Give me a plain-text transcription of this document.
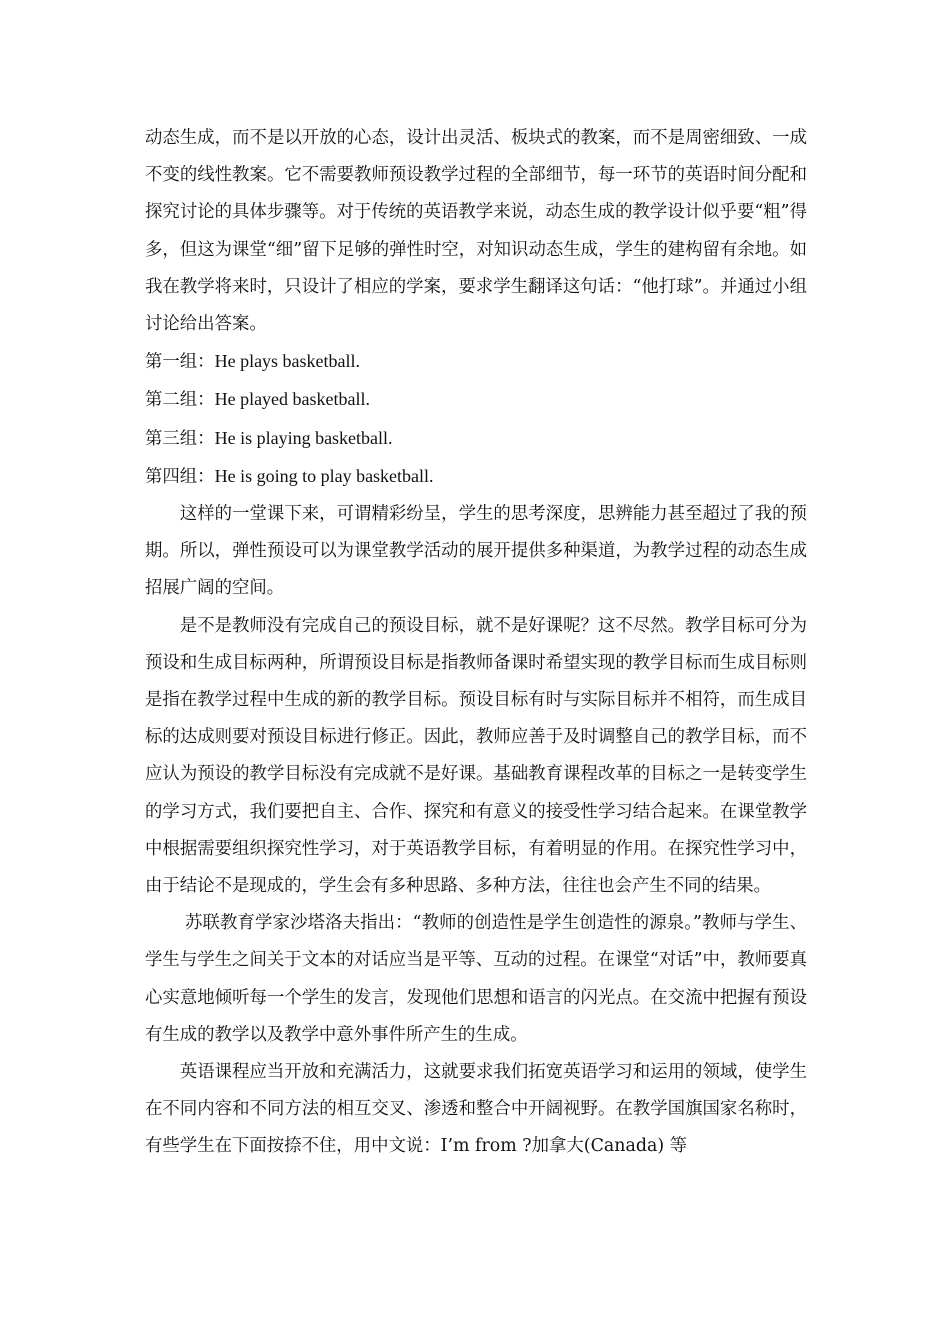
动态生成，而不是以开放的心态，设计出灵活、板块式的教案，而不是周密细致、一成不变的线性教案。它不需要教师预设教学过程的全部细节，每一环节的英语时间分配和探究讨论的具体步骤等。对于传统的英语教学来说，动态生成的教学设计似乎要“粗”得多，但这为课堂“细”留下足够的弹性时空，对知识动态生成，学生的建构留有余地。如我在教学将来时，只设计了相应的学案，要求学生翻译这句话：“他打球”。并通过小组讨论给出答案。

第一组：He plays basketball.

第二组：He played basketball.

第三组：He is playing basketball.

第四组：He is going to play basketball.

这样的一堂课下来，可谓精彩纷呈，学生的思考深度，思辨能力甚至超过了我的预期。所以，弹性预设可以为课堂教学活动的展开提供多种渠道，为教学过程的动态生成招展广阔的空间。

是不是教师没有完成自己的预设目标，就不是好课呢？这不尽然。教学目标可分为预设和生成目标两种，所谓预设目标是指教师备课时希望实现的教学目标而生成目标则是指在教学过程中生成的新的教学目标。预设目标有时与实际目标并不相符，而生成目标的达成则要对预设目标进行修正。因此，教师应善于及时调整自己的教学目标，而不应认为预设的教学目标没有完成就不是好课。基础教育课程改革的目标之一是转变学生的学习方式，我们要把自主、合作、探究和有意义的接受性学习结合起来。在课堂教学中根据需要组织探究性学习，对于英语教学目标，有着明显的作用。在探究性学习中，由于结论不是现成的，学生会有多种思路、多种方法，往往也会产生不同的结果。

苏联教育学家沙塔洛夫指出：“教师的创造性是学生创造性的源泉。”教师与学生、学生与学生之间关于文本的对话应当是平等、互动的过程。在课堂“对话”中，教师要真心实意地倾听每一个学生的发言，发现他们思想和语言的闪光点。在交流中把握有预设有生成的教学以及教学中意外事件所产生的生成。

英语课程应当开放和充满活力，这就要求我们拓宽英语学习和运用的领域，使学生在不同内容和不同方法的相互交叉、渗透和整合中开阔视野。在教学国旗国家名称时，有些学生在下面按捺不住，用中文说：I’m from ?加拿大(Canada) 等
